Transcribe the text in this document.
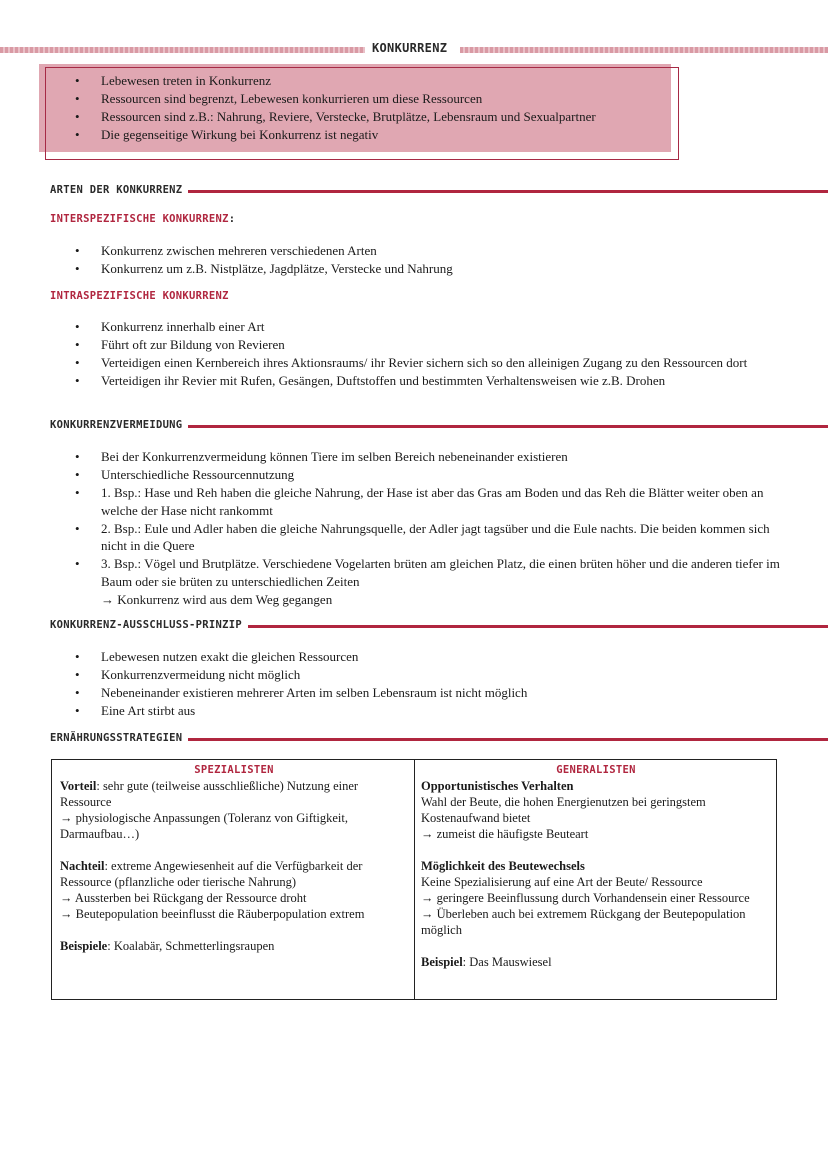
KONKURRENZ
• Lebewesen treten in Konkurrenz
• Ressourcen sind begrenzt, Lebewesen konkurrieren um diese Ressourcen
• Ressourcen sind z.B.: Nahrung, Reviere, Verstecke, Brutplätze, Lebensraum und Sexualpartner
• Die gegenseitige Wirkung bei Konkurrenz ist negativ
ARTEN DER KONKURRENZ
INTERSPEZIFISCHE KONKURRENZ:
• Konkurrenz zwischen mehreren verschiedenen Arten
• Konkurrenz um z.B. Nistplätze, Jagdplätze, Verstecke und Nahrung
INTRASPEZIFISCHE KONKURRENZ
• Konkurrenz innerhalb einer Art
• Führt oft zur Bildung von Revieren
• Verteidigen einen Kernbereich ihres Aktionsraums/ ihr Revier sichern sich so den alleinigen Zugang zu den Ressourcen dort
• Verteidigen ihr Revier mit Rufen, Gesängen, Duftstoffen und bestimmten Verhaltensweisen wie z.B. Drohen
KONKURRENZVERMEIDUNG
• Bei der Konkurrenzvermeidung können Tiere im selben Bereich nebeneinander existieren
• Unterschiedliche Ressourcennutzung
• 1. Bsp.: Hase und Reh haben die gleiche Nahrung, der Hase ist aber das Gras am Boden und das Reh die Blätter weiter oben an welche der Hase nicht rankommt
• 2. Bsp.: Eule und Adler haben die gleiche Nahrungsquelle, der Adler jagt tagsüber und die Eule nachts. Die beiden kommen sich nicht in die Quere
• 3. Bsp.: Vögel und Brutplätze. Verschiedene Vogelarten brüten am gleichen Platz, die einen brüten höher und die anderen tiefer im Baum oder sie brüten zu unterschiedlichen Zeiten
→ Konkurrenz wird aus dem Weg gegangen
KONKURRENZ-AUSSCHLUSS-PRINZIP
• Lebewesen nutzen exakt die gleichen Ressourcen
• Konkurrenzvermeidung nicht möglich
• Nebeneinander existieren mehrerer Arten im selben Lebensraum ist nicht möglich
• Eine Art stirbt aus
ERNÄHRUNGSSTRATEGIEN
SPEZIALISTEN

Vorteil: sehr gute (teilweise ausschließliche) Nutzung einer Ressource

→ physiologische Anpassungen (Toleranz von Giftigkeit, Darmaufbau…)

Nachteil: extreme Angewiesenheit auf die Verfügbarkeit der Ressource (pflanzliche oder tierische Nahrung)

→ Aussterben bei Rückgang der Ressource droht

→ Beutepopulation beeinflusst die Räuberpopulation extrem

Beispiele: Koalabär, Schmetterlingsraupen

GENERALISTEN

Opportunistisches Verhalten

Wahl der Beute, die hohen Energienutzen bei geringstem Kostenaufwand bietet

→ zumeist die häufigste Beuteart

Möglichkeit des Beutewechsels

Keine Spezialisierung auf eine Art der Beute/ Ressource

→ geringere Beeinflussung durch Vorhandensein einer Ressource

→ Überleben auch bei extremem Rückgang der Beutepopulation möglich

Beispiel: Das Mauswiesel
